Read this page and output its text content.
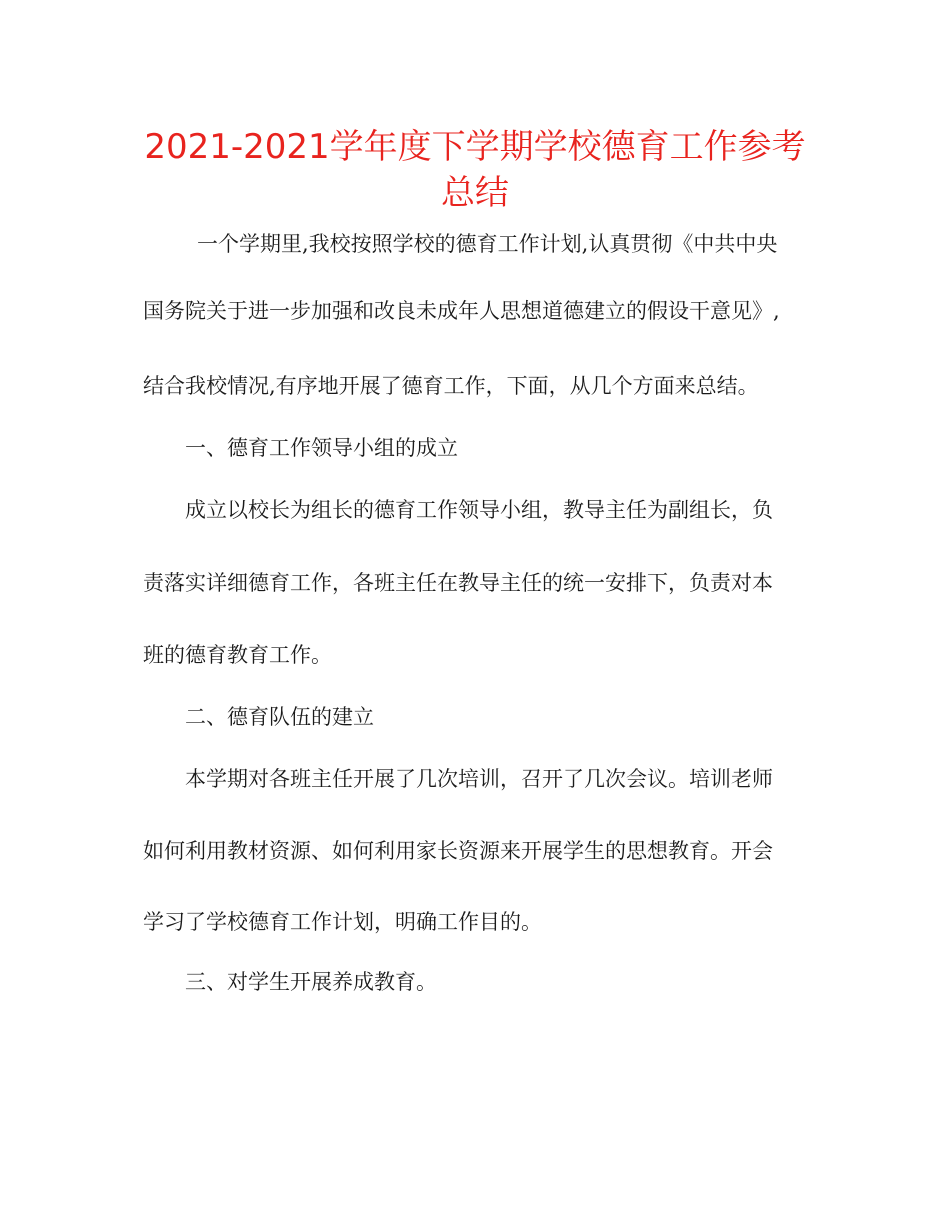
2021-2021学年度下学期学校德育工作参考总结

一个学期里,我校按照学校的德育工作计划,认真贯彻《中共中央

国务院关于进一步加强和改良未成年人思想道德建立的假设干意见》,

结合我校情况,有序地开展了德育工作，下面，从几个方面来总结。

一、德育工作领导小组的成立

成立以校长为组长的德育工作领导小组，教导主任为副组长，负

责落实详细德育工作，各班主任在教导主任的统一安排下，负责对本

班的德育教育工作。

二、德育队伍的建立

本学期对各班主任开展了几次培训，召开了几次会议。培训老师

如何利用教材资源、如何利用家长资源来开展学生的思想教育。开会

学习了学校德育工作计划，明确工作目的。

三、对学生开展养成教育。
